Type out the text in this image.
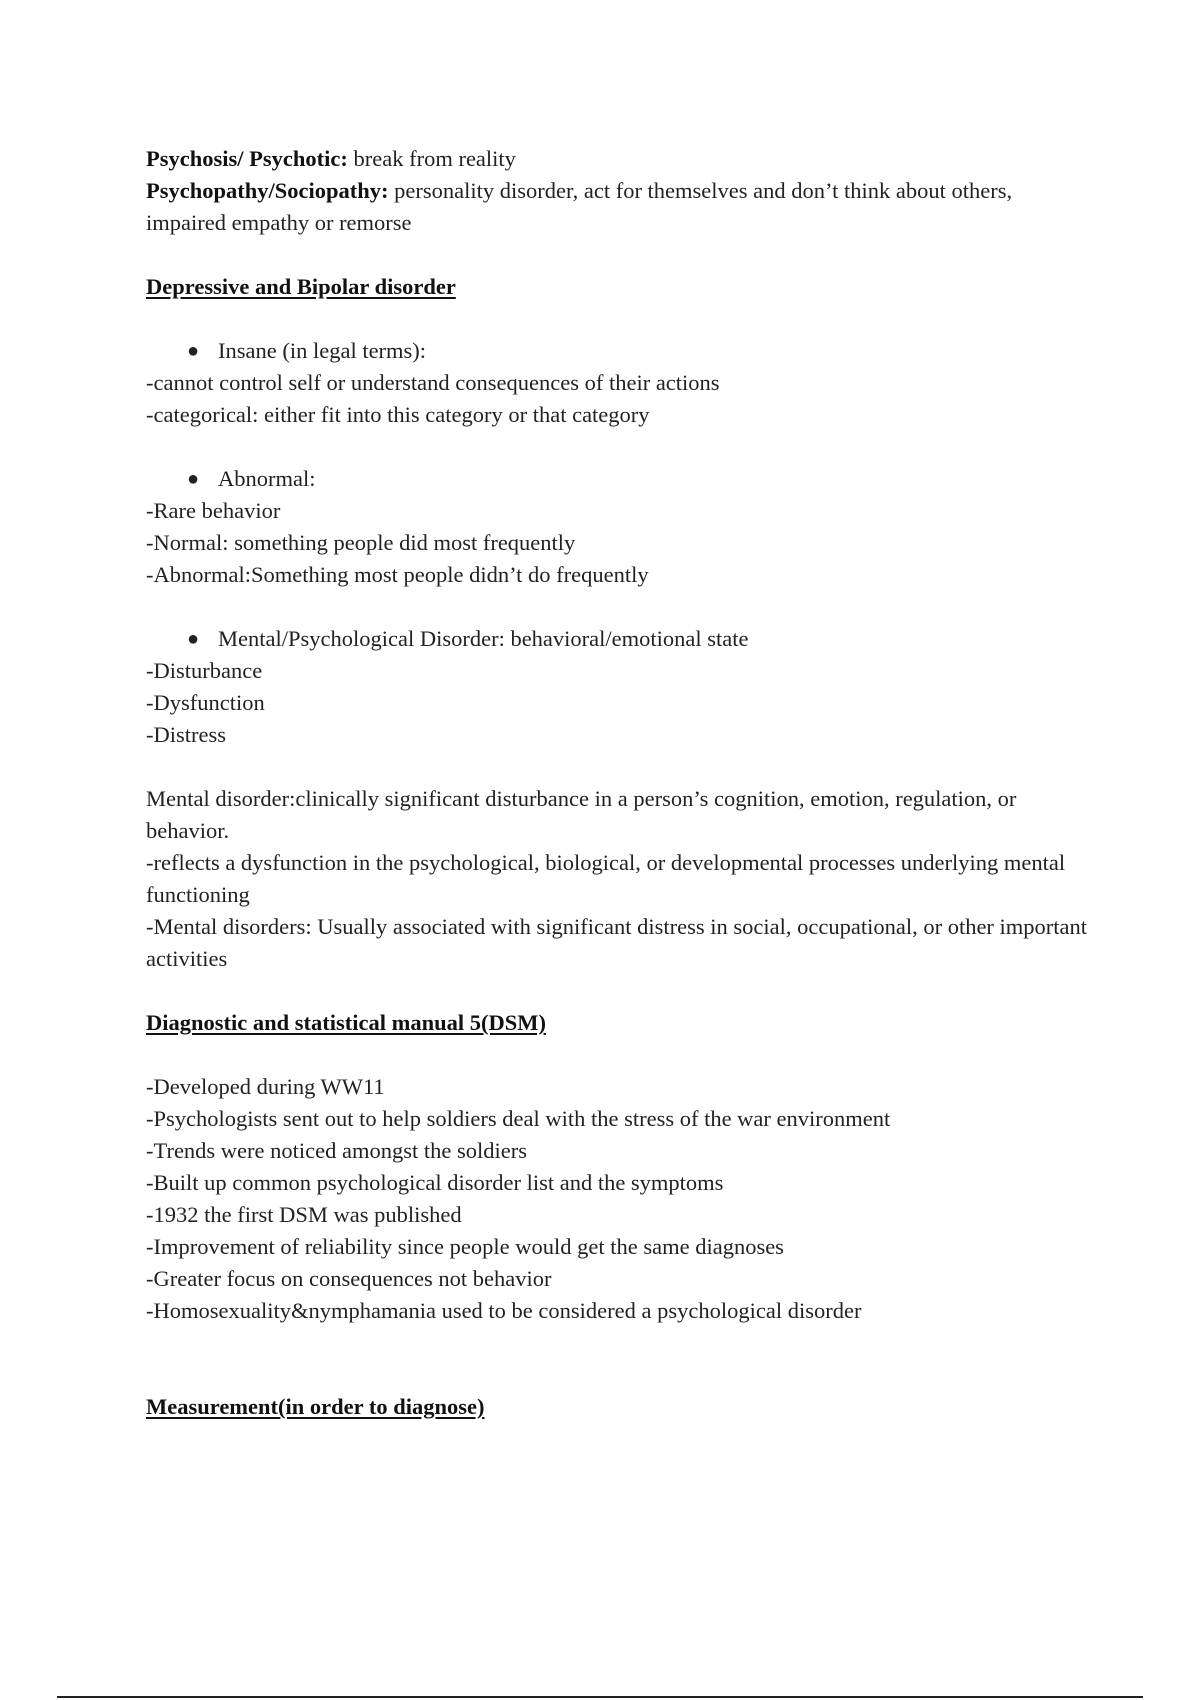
Psychosis/ Psychotic: break from reality

Psychopathy/Sociopathy: personality disorder, act for themselves and don’t think about others, impaired empathy or remorse

Depressive and Bipolar disorder

● Insane (in legal terms):

-cannot control self or understand consequences of their actions

-categorical: either fit into this category or that category

● Abnormal:

-Rare behavior

-Normal: something people did most frequently

-Abnormal:Something most people didn’t do frequently

● Mental/Psychological Disorder: behavioral/emotional state

-Disturbance

-Dysfunction

-Distress

Mental disorder:clinically significant disturbance in a person’s cognition, emotion, regulation, or behavior.

-reflects a dysfunction in the psychological, biological, or developmental processes underlying mental functioning

-Mental disorders: Usually associated with significant distress in social, occupational, or other important activities

Diagnostic and statistical manual 5(DSM)

-Developed during WW11

-Psychologists sent out to help soldiers deal with the stress of the war environment

-Trends were noticed amongst the soldiers

-Built up common psychological disorder list and the symptoms

-1932 the first DSM was published

-Improvement of reliability since people would get the same diagnoses

-Greater focus on consequences not behavior

-Homosexuality&nymphamania used to be considered a psychological disorder

Measurement(in order to diagnose)
